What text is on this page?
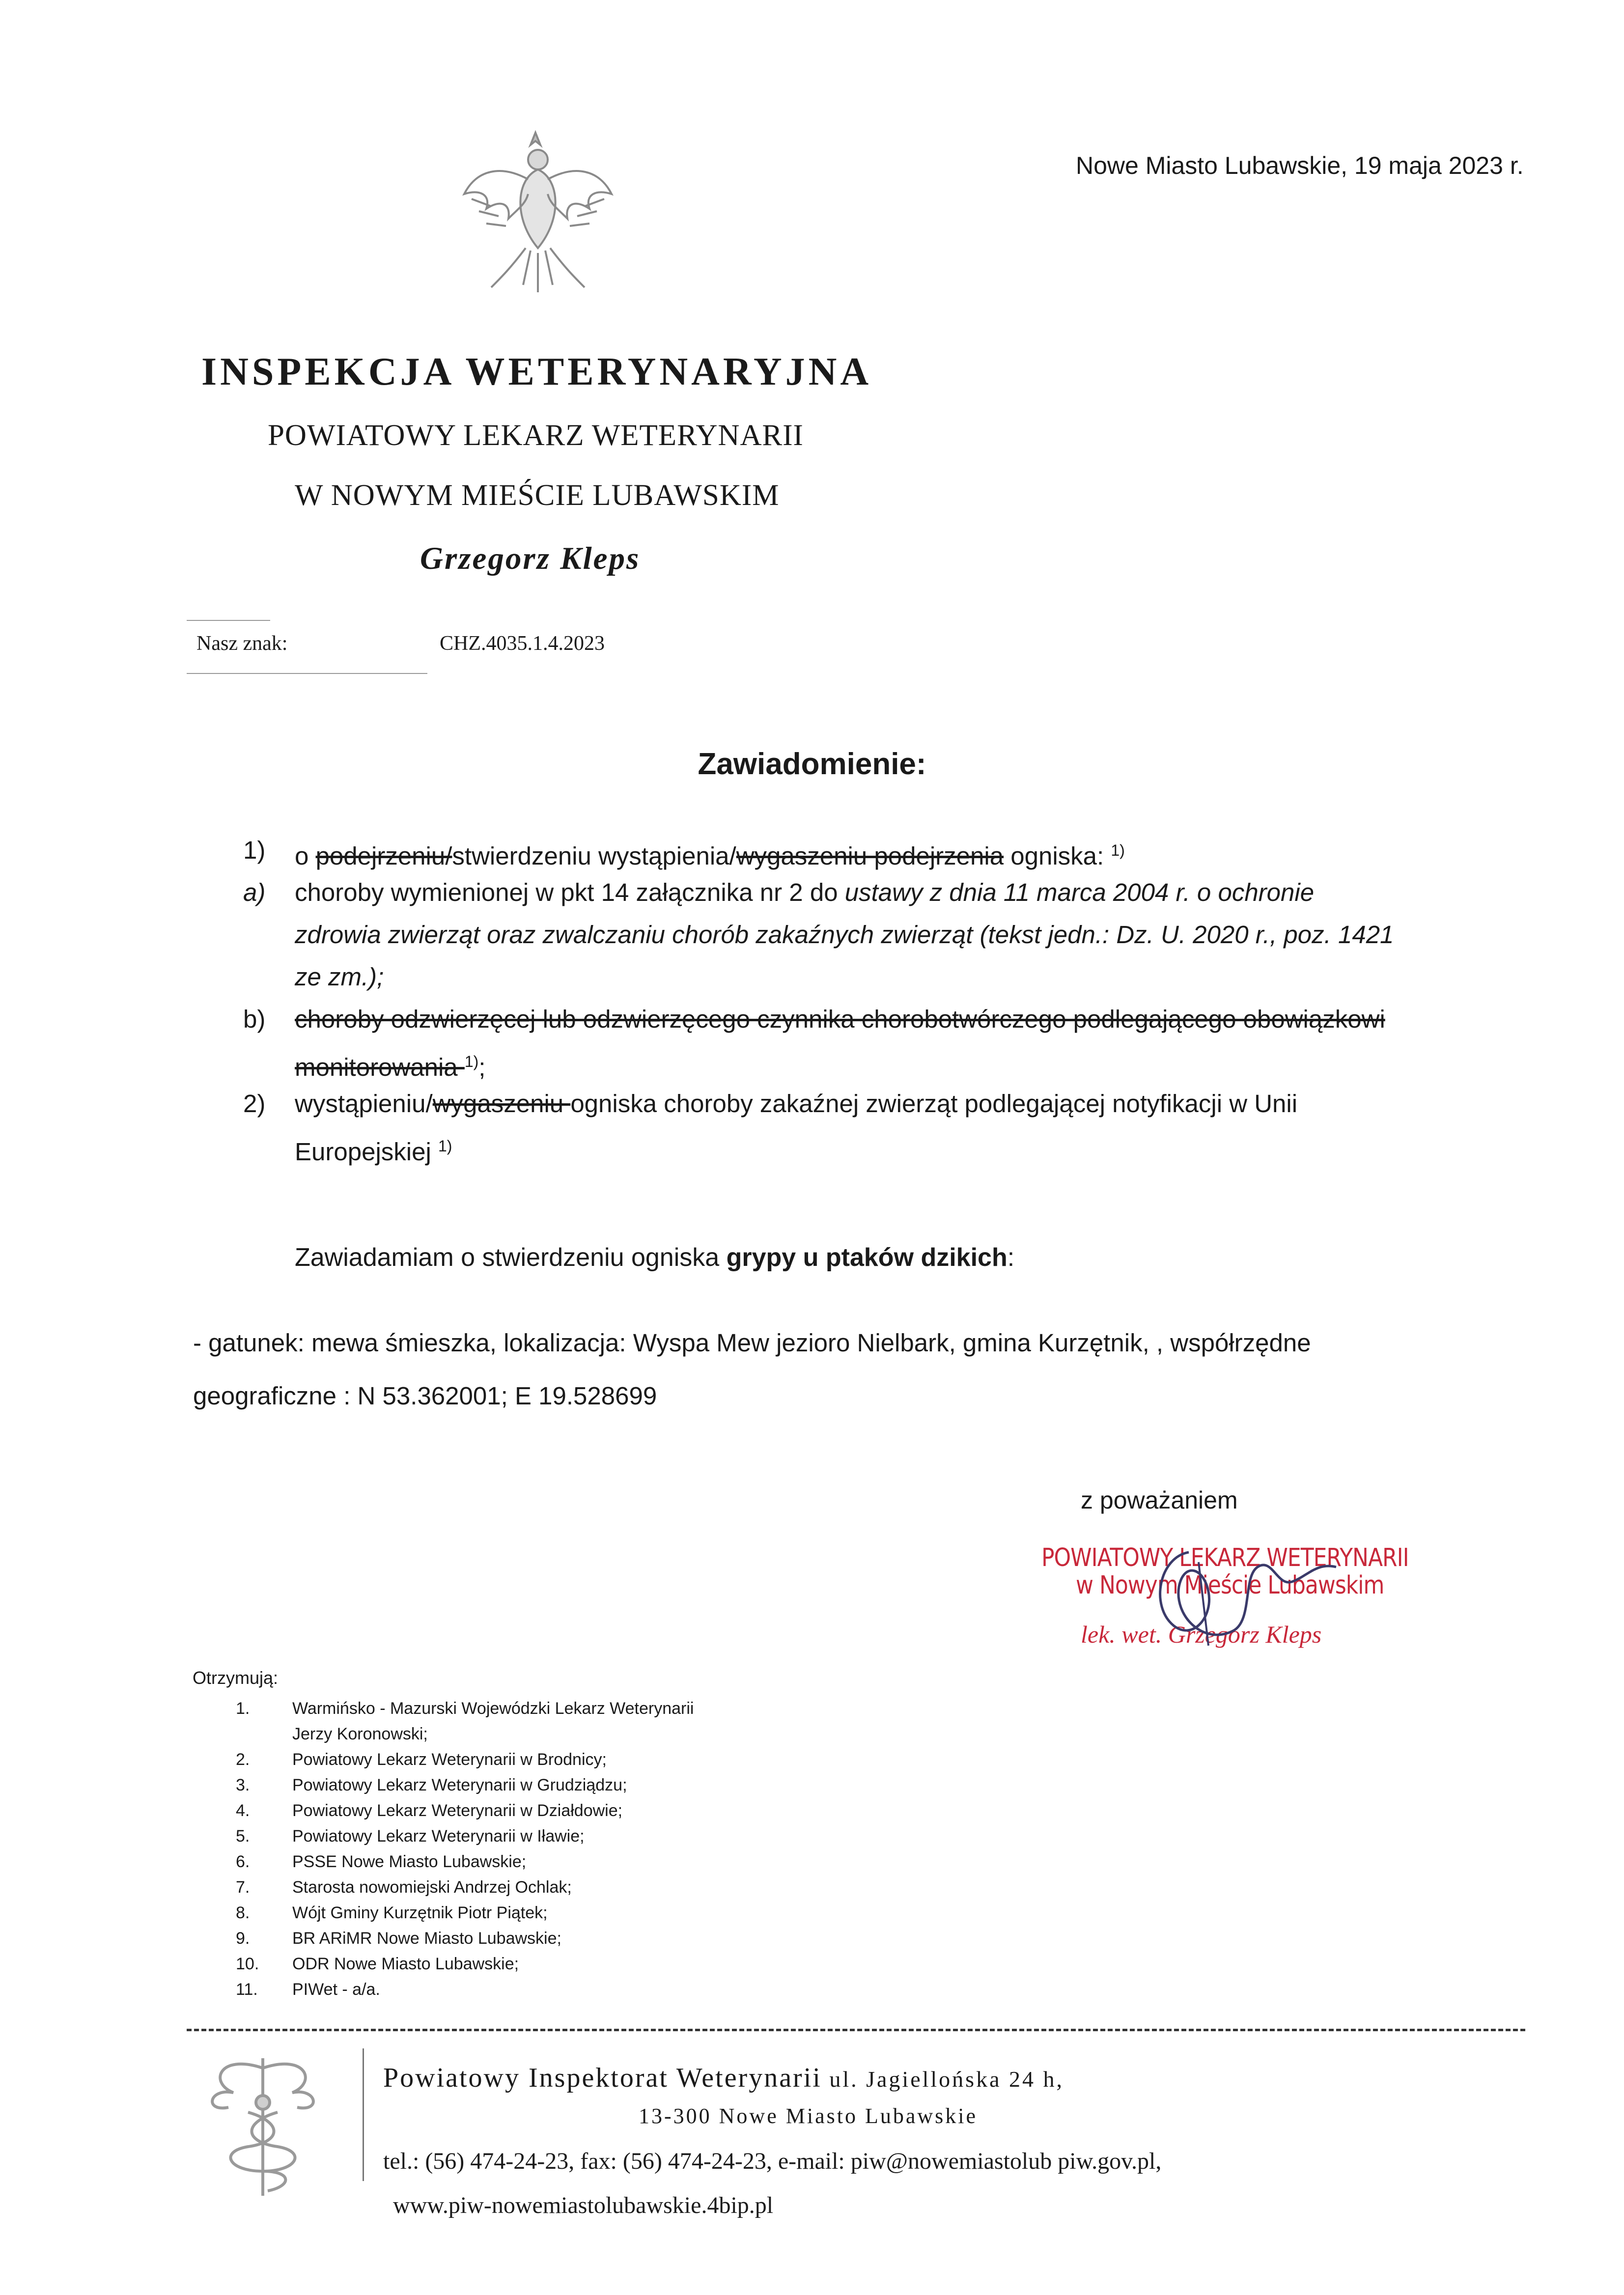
Nowe Miasto Lubawskie, 19 maja 2023 r.
INSPEKCJA WETERYNARYJNA
POWIATOWY LEKARZ WETERYNARII
W NOWYM MIEŚCIE LUBAWSKIM
Grzegorz Kleps
Nasz znak:	CHZ.4035.1.4.2023
Zawiadomienie:
1) o podejrzeniu/stwierdzeniu wystąpienia/wygaszeniu podejrzenia ogniska: $^{1)}$
a) choroby wymienionej w pkt 14 załącznika nr 2 do ustawy z dnia 11 marca 2004 r. o ochronie
zdrowia zwierząt oraz zwalczaniu chorób zakaźnych zwierząt (tekst jedn.: Dz. U. 2020 r., poz. 1421
ze zm.);
b) choroby odzwierzęcej lub odzwierzęcego czynnika chorobotwórczego podlegającego obowiązkowi
monitorowania $^{1)}$;
2) wystąpieniu/wygaszeniu ogniska choroby zakaźnej zwierząt podlegającej notyfikacji w Unii
Europejskiej $^{1)}$
Zawiadamiam o stwierdzeniu ogniska grypy u ptaków dzikich:
- gatunek: mewa śmieszka, lokalizacja: Wyspa Mew jezioro Nielbark, gmina Kurzętnik, , współrzędne
geograficzne : N 53.362001; E 19.528699
z poważaniem
POWIATOWY LEKARZ WETERYNARII
w Nowym Mieście Lubawskim
lek. wet. Grzegorz Kleps
Otrzymują:
1.	Warmińsko - Mazurski Wojewódzki Lekarz Weterynarii
Jerzy Koronowski;
2.	Powiatowy Lekarz Weterynarii w Brodnicy;
3.	Powiatowy Lekarz Weterynarii w Grudziądzu;
4.	Powiatowy Lekarz Weterynarii w Działdowie;
5.	Powiatowy Lekarz Weterynarii w Iławie;
6.	PSSE Nowe Miasto Lubawskie;
7.	Starosta nowomiejski Andrzej Ochlak;
8.	Wójt Gminy Kurzętnik Piotr Piątek;
9.	BR ARiMR Nowe Miasto Lubawskie;
10. ODR Nowe Miasto Lubawskie;
11. PIWet - a/a.
Powiatowy Inspektorat Weterynarii ul. Jagiellońska 24 h,
13-300 Nowe Miasto Lubawskie
tel.: (56) 474-24-23, fax: (56) 474-24-23, e-mail: piw@nowemiastolub piw.gov.pl,
www.piw-nowemiastolubawskie.4bip.pl
